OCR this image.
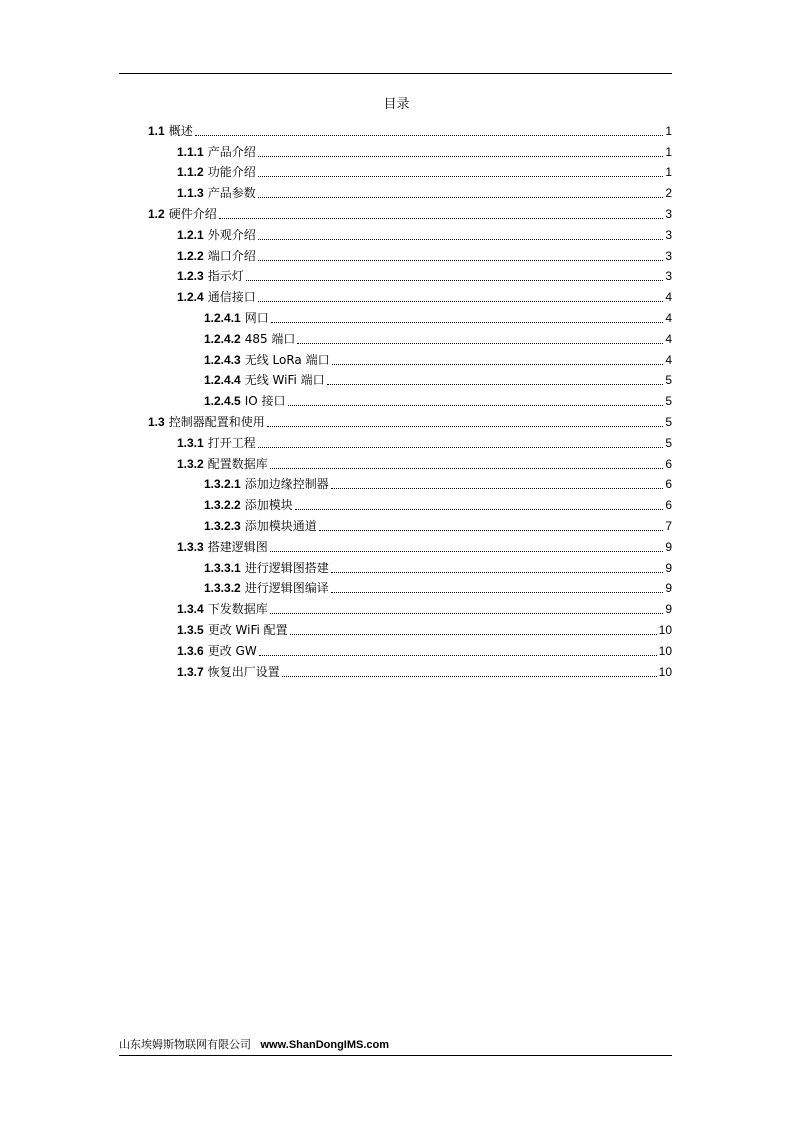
目录
1.1 概述	1
1.1.1 产品介绍	1
1.1.2 功能介绍	1
1.1.3 产品参数	2
1.2 硬件介绍	3
1.2.1 外观介绍	3
1.2.2 端口介绍	3
1.2.3 指示灯	3
1.2.4 通信接口	4
1.2.4.1 网口	4
1.2.4.2 485 端口	4
1.2.4.3 无线 LoRa 端口	4
1.2.4.4 无线 WiFi 端口	5
1.2.4.5 IO 接口	5
1.3 控制器配置和使用	5
1.3.1 打开工程	5
1.3.2 配置数据库	6
1.3.2.1 添加边缘控制器	6
1.3.2.2 添加模块	6
1.3.2.3 添加模块通道	7
1.3.3 搭建逻辑图	9
1.3.3.1 进行逻辑图搭建	9
1.3.3.2 进行逻辑图编译	9
1.3.4 下发数据库	9
1.3.5 更改 WiFi 配置	10
1.3.6 更改 GW	10
1.3.7 恢复出厂设置	10
山东埃姆斯物联网有限公司 www.ShanDongIMS.com
